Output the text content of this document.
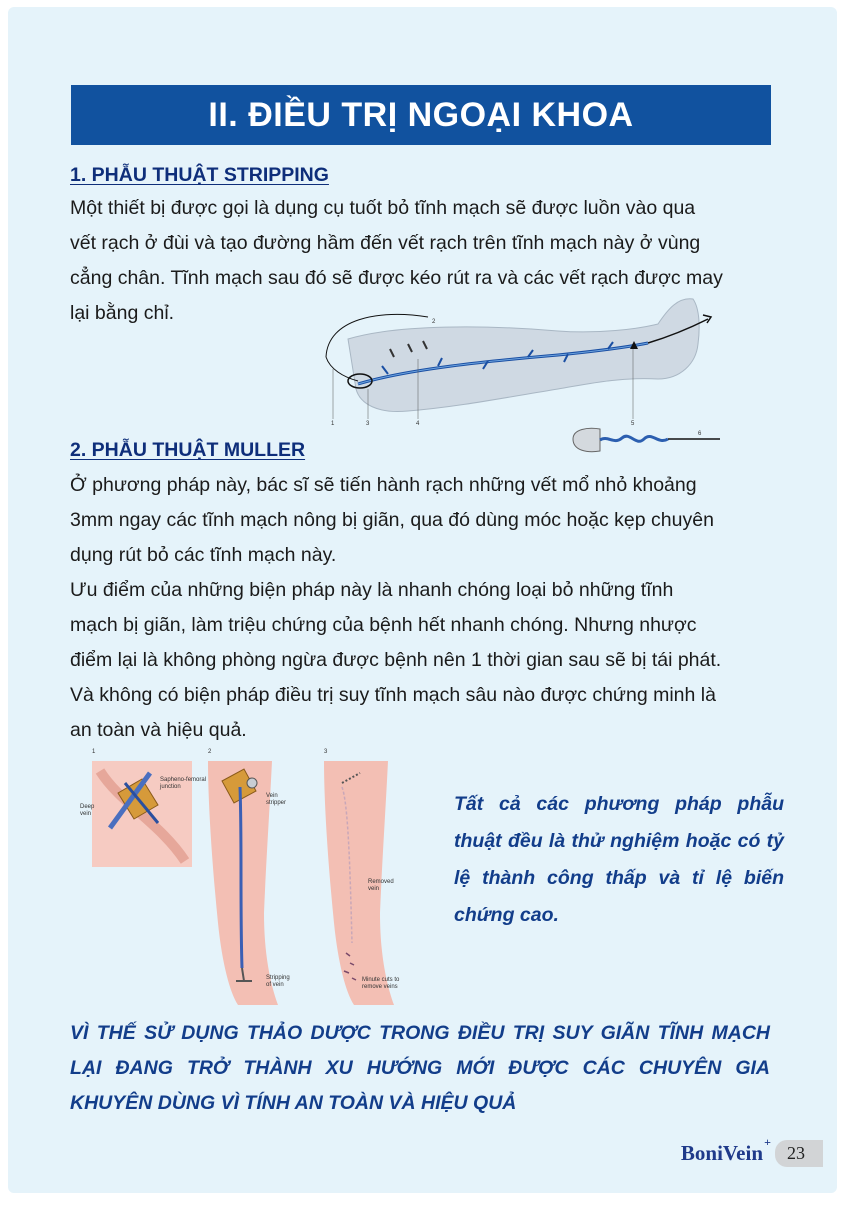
II. ĐIỀU TRỊ NGOẠI KHOA
1. PHẪU THUẬT STRIPPING
Một thiết bị được gọi là dụng cụ tuốt bỏ tĩnh mạch sẽ được luồn vào qua
vết rạch ở đùi và tạo đường hầm đến vết rạch trên tĩnh mạch này ở vùng
cẳng chân. Tĩnh mạch sau đó sẽ được kéo rút ra và các vết rạch được may
lại bằng chỉ.
1
2
3	4	5
6
2. PHẪU THUẬT MULLER
Ở phương pháp này, bác sĩ sẽ tiến hành rạch những vết mổ nhỏ khoảng
3mm ngay các tĩnh mạch nông bị giãn, qua đó dùng móc hoặc kẹp chuyên
dụng rút bỏ các tĩnh mạch này.
Ưu điểm của những biện pháp này là nhanh chóng loại bỏ những tĩnh
mạch bị giãn, làm triệu chứng của bệnh hết nhanh chóng. Nhưng nhược
điểm lại là không phòng ngừa được bệnh nên 1 thời gian sau sẽ bị tái phát.
Và không có biện pháp điều trị suy tĩnh mạch sâu nào được chứng minh là
an toàn và hiệu quả.
1
Sapheno-femoral
junction
Deep
vein
2
Vein
stripper
Stripping
of vein
3
Removed
vein
Minute cuts to
remove veins
Tất cả các phương pháp phẫu thuật đều là thử nghiệm hoặc có tỷ lệ thành công thấp và tỉ lệ biến chứng cao.
VÌ THẾ SỬ DỤNG THẢO DƯỢC TRONG ĐIỀU TRỊ SUY GIÃN TĨNH MẠCH LẠI ĐANG TRỞ THÀNH XU HƯỚNG MỚI ĐƯỢC CÁC CHUYÊN GIA KHUYÊN DÙNG VÌ TÍNH AN TOÀN VÀ HIỆU QUẢ
BoniVein +
23
